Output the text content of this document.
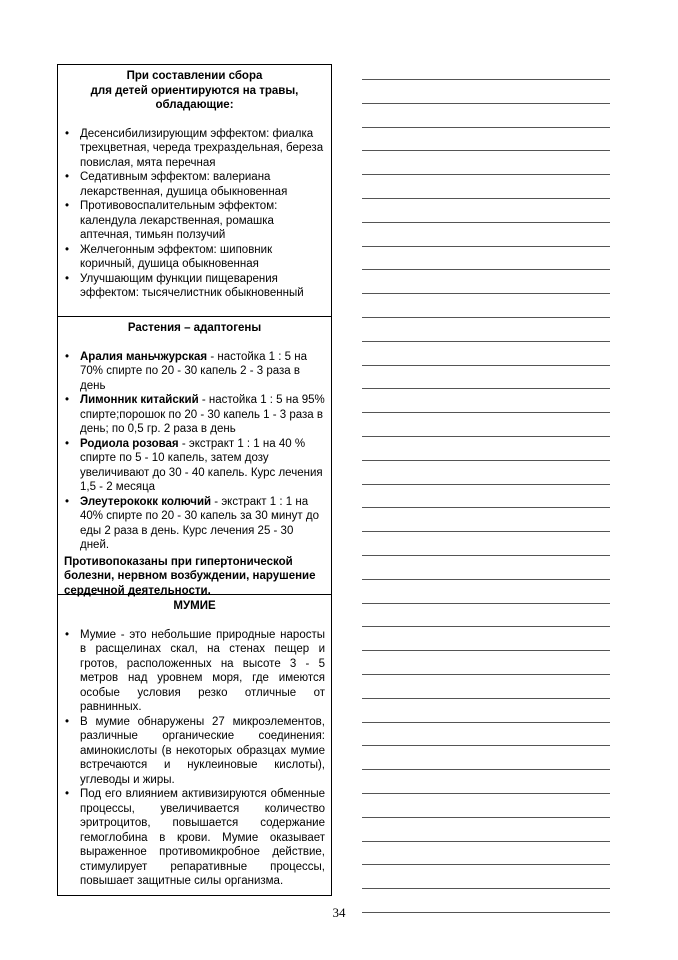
При составлении сбора
для детей ориентируются на травы,
обладающие:
• Десенсибилизирующим эффектом: фиалка трехцветная, череда трехраздельная, береза повислая, мята перечная
• Седативным эффектом: валериана лекарственная, душица обыкновенная
• Противовоспалительным эффектом: календула лекарственная, ромашка аптечная, тимьян ползучий
• Желчегонным эффектом: шиповник коричный, душица обыкновенная
• Улучшающим функции пищеварения эффектом: тысячелистник обыкновенный
Растения – адаптогены
• Аралия маньчжурская - настойка 1 : 5 на 70% спирте по 20 - 30 капель 2 - 3 раза в день
• Лимонник китайский - настойка 1 : 5 на 95% спирте;порошок по 20 - 30 капель 1 - 3 раза в день; по 0,5 гр. 2 раза в день
• Родиола розовая - экстракт 1 : 1 на 40 % спирте по 5 - 10 капель, затем дозу увеличивают до 30 - 40 капель. Курс лечения 1,5 - 2 месяца
• Элеутерококк колючий - экстракт 1 : 1 на 40% спирте по 20 - 30 капель за 30 минут до еды 2 раза в день. Курс лечения 25 - 30 дней.
Противопоказаны при гипертонической болезни, нервном возбуждении, нарушение сердечной деятельности.
МУМИЕ
• Мумие - это небольшие природные наросты в расщелинах скал, на стенах пещер и гротов, расположенных на высоте 3 - 5 метров над уровнем моря, где имеются особые условия резко отличные от равнинных.
• В мумие обнаружены 27 микроэлементов, различные органические соединения: аминокислоты (в некоторых образцах мумие встречаются и нуклеиновые кислоты), углеводы и жиры.
• Под его влиянием активизируются обменные процессы, увеличивается количество эритроцитов, повышается содержание гемоглобина в крови. Мумие оказывает выраженное противомикробное действие, стимулирует репаративные процессы, повышает защитные силы организма.
34
